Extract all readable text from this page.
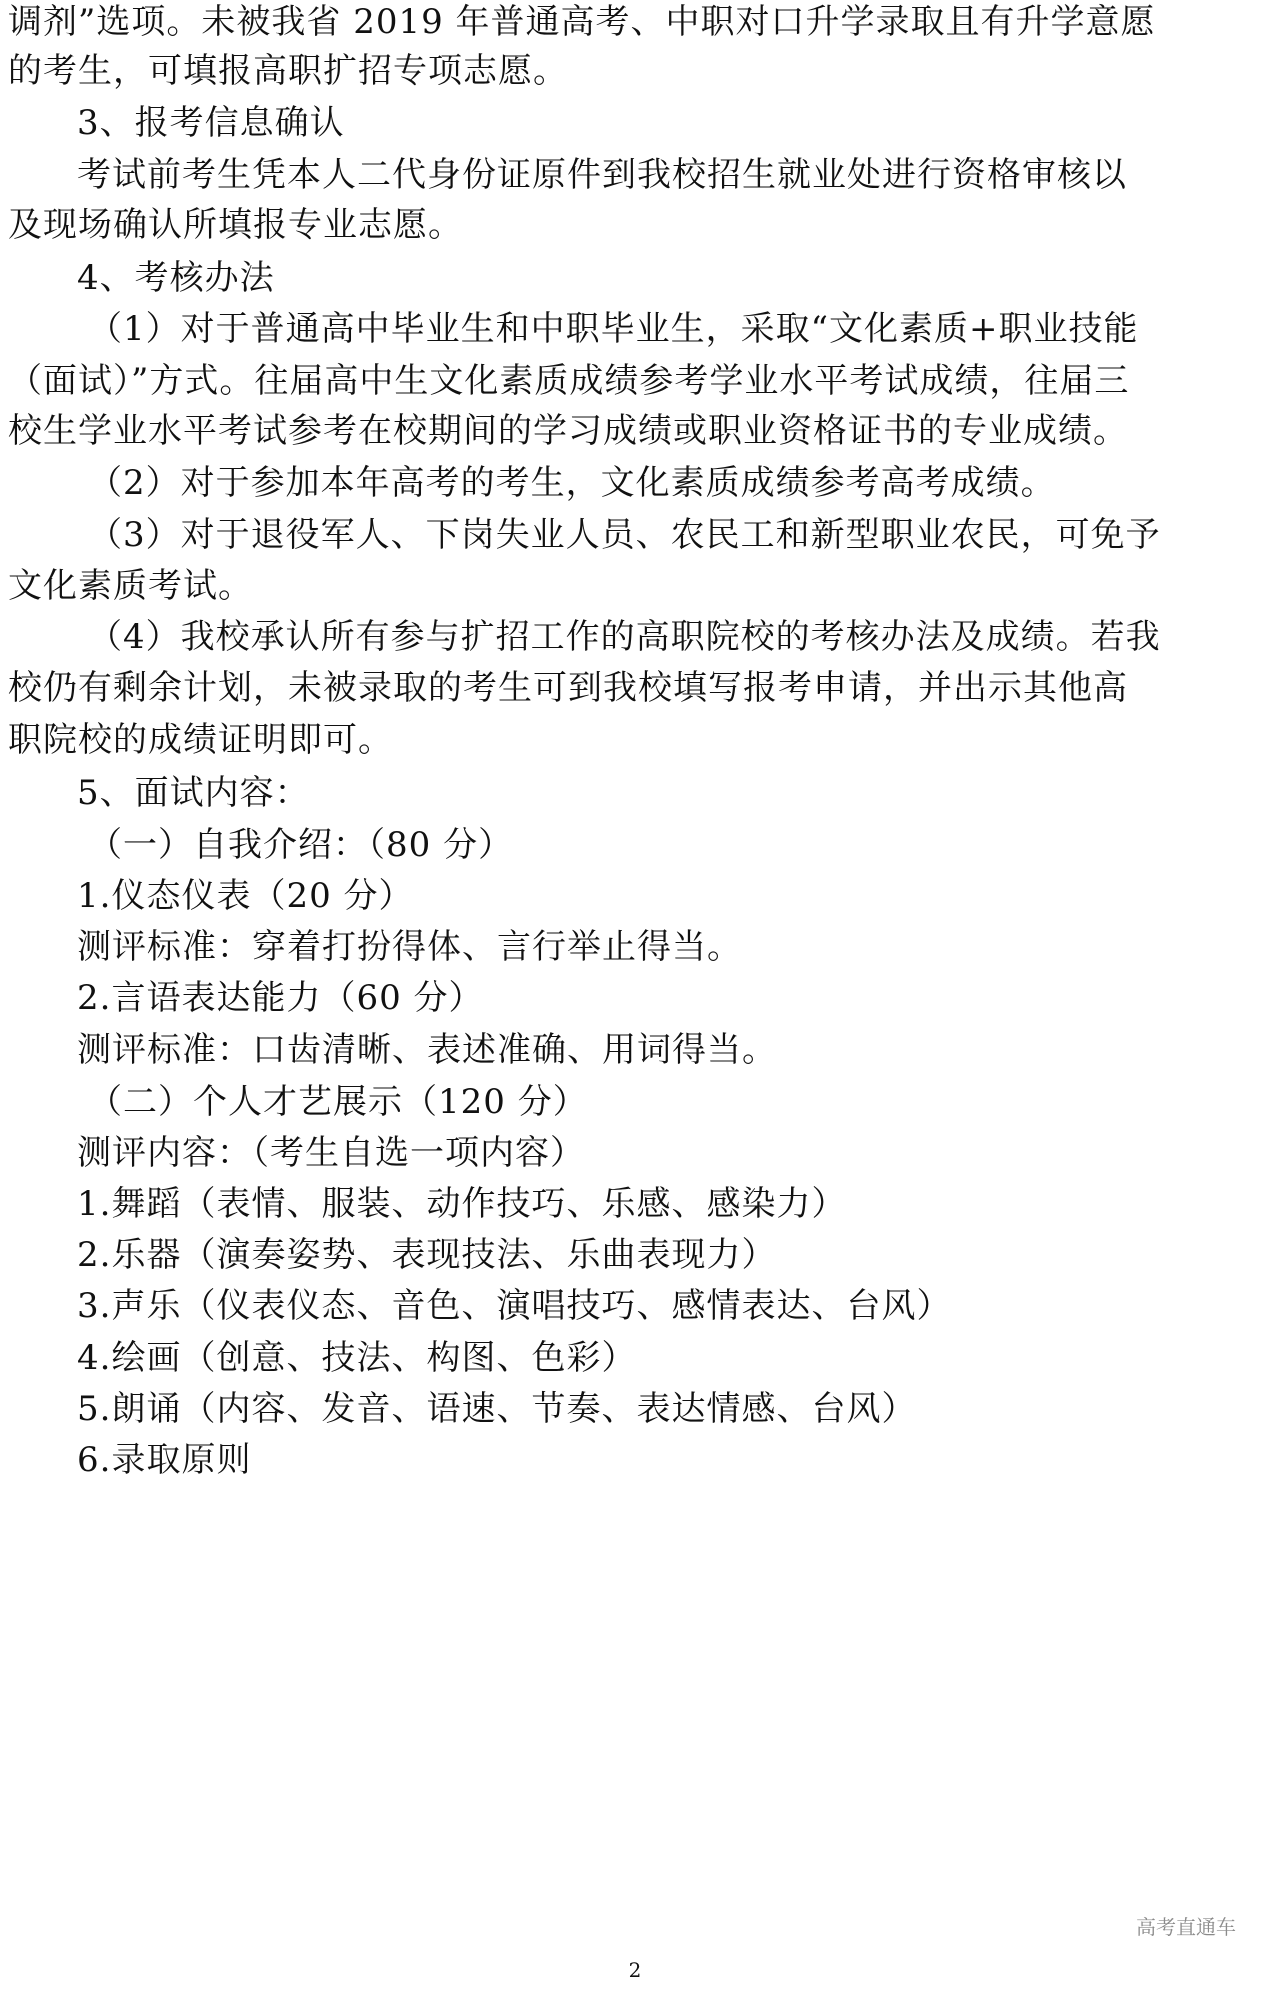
调剂”选项。未被我省 2019 年普通高考、中职对口升学录取且有升学意愿
的考生，可填报高职扩招专项志愿。
3、报考信息确认
考试前考生凭本人二代身份证原件到我校招生就业处进行资格审核以
及现场确认所填报专业志愿。
4、考核办法
（1）对于普通高中毕业生和中职毕业生，采取“文化素质+职业技能
（面试）”方式。往届高中生文化素质成绩参考学业水平考试成绩，往届三
校生学业水平考试参考在校期间的学习成绩或职业资格证书的专业成绩。
（2）对于参加本年高考的考生，文化素质成绩参考高考成绩。
（3）对于退役军人、下岗失业人员、农民工和新型职业农民，可免予
文化素质考试。
（4）我校承认所有参与扩招工作的高职院校的考核办法及成绩。若我
校仍有剩余计划，未被录取的考生可到我校填写报考申请，并出示其他高
职院校的成绩证明即可。
5、面试内容：
（一）自我介绍：（80 分）
1.仪态仪表（20 分）
测评标准：穿着打扮得体、言行举止得当。
2.言语表达能力（60 分）
测评标准：口齿清晰、表述准确、用词得当。
（二）个人才艺展示（120 分）
测评内容：（考生自选一项内容）
1.舞蹈（表情、服装、动作技巧、乐感、感染力）
2.乐器（演奏姿势、表现技法、乐曲表现力）
3.声乐（仪表仪态、音色、演唱技巧、感情表达、台风）
4.绘画（创意、技法、构图、色彩）
5.朗诵（内容、发音、语速、节奏、表达情感、台风）
6.录取原则
高考直通车
2
